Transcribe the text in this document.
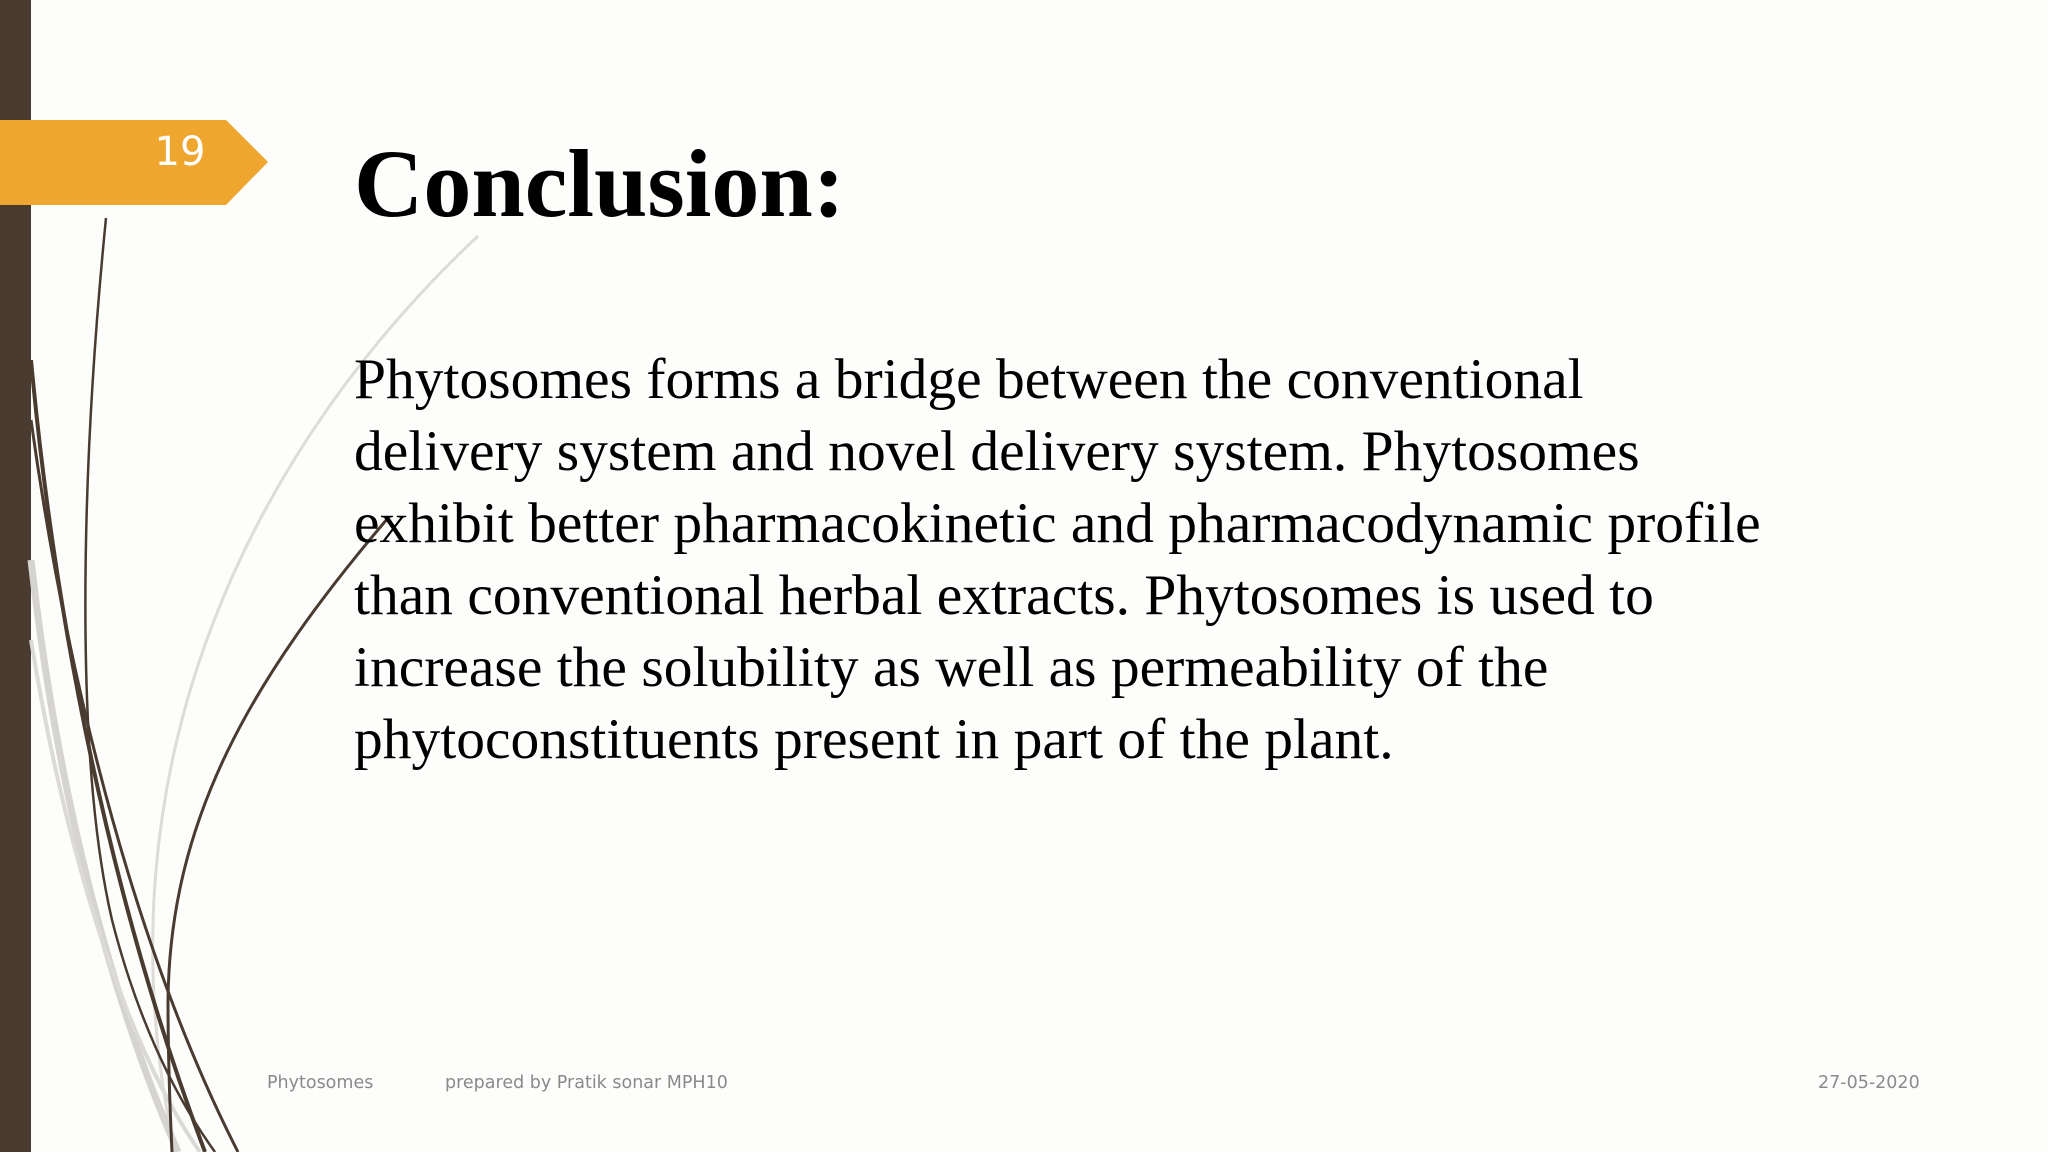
19	Conclusion:

Phytosomes forms a bridge between the conventional delivery system and novel delivery system. Phytosomes exhibit better pharmacokinetic and pharmacodynamic profile than conventional herbal extracts. Phytosomes is used to increase the solubility as well as permeability of the phytoconstituents present in part of the plant.

Phytosomes	prepared by Pratik sonar MPH10	27-05-2020
